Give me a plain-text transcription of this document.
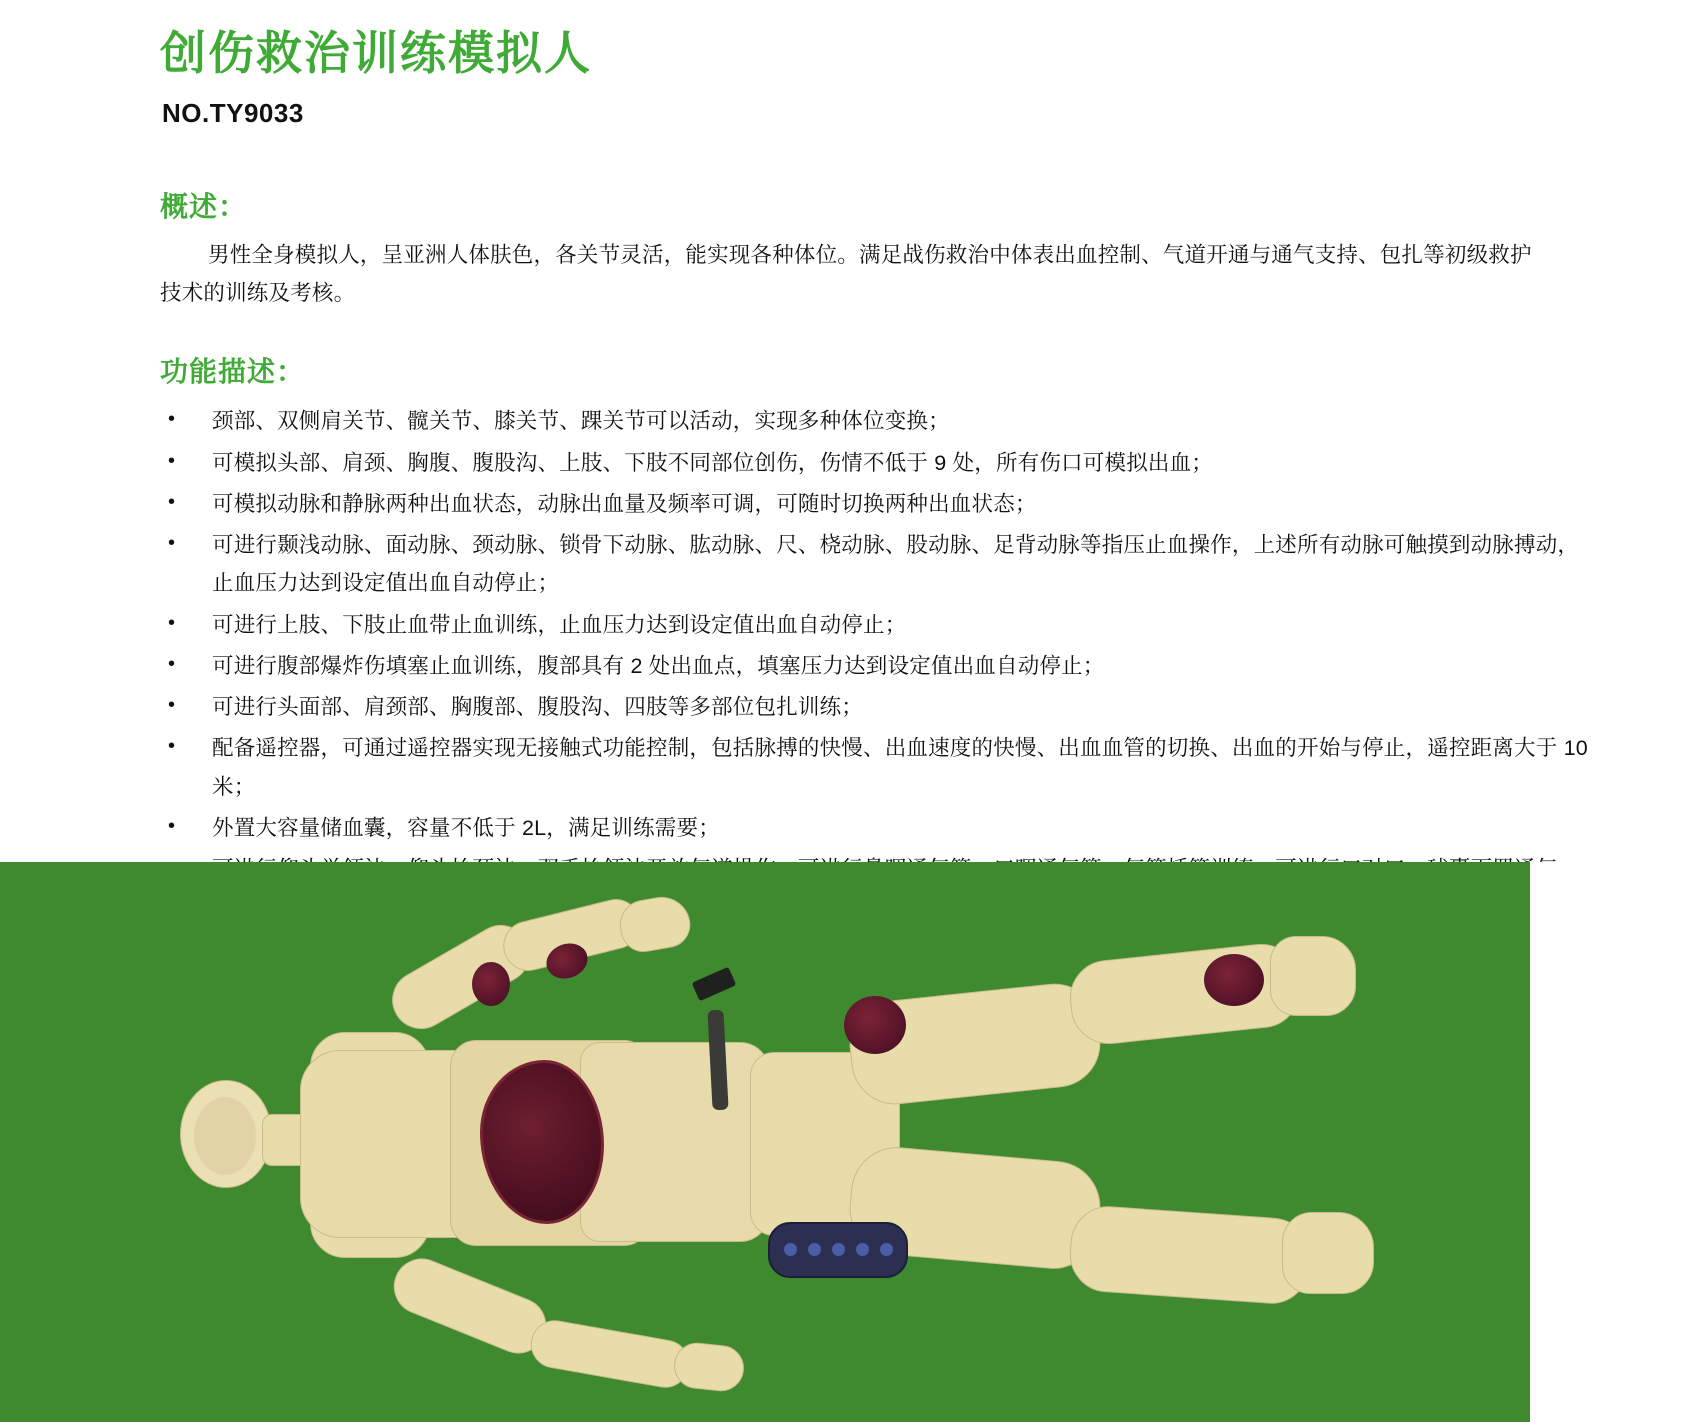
创伤救治训练模拟人
NO.TY9033
概述：

男性全身模拟人，呈亚洲人体肤色，各关节灵活，能实现各种体位。满足战伤救治中体表出血控制、气道开通与通气支持、包扎等初级救护技术的训练及考核。

功能描述：
• 颈部、双侧肩关节、髋关节、膝关节、踝关节可以活动，实现多种体位变换；
• 可模拟头部、肩颈、胸腹、腹股沟、上肢、下肢不同部位创伤，伤情不低于 9 处，所有伤口可模拟出血；
• 可模拟动脉和静脉两种出血状态，动脉出血量及频率可调，可随时切换两种出血状态；
• 可进行颞浅动脉、面动脉、颈动脉、锁骨下动脉、肱动脉、尺、桡动脉、股动脉、足背动脉等指压止血操作，上述所有动脉可触摸到动脉搏动，止血压力达到设定值出血自动停止；
• 可进行上肢、下肢止血带止血训练，止血压力达到设定值出血自动停止；
• 可进行腹部爆炸伤填塞止血训练，腹部具有 2 处出血点，填塞压力达到设定值出血自动停止；
• 可进行头面部、肩颈部、胸腹部、腹股沟、四肢等多部位包扎训练；
• 配备遥控器，可通过遥控器实现无接触式功能控制，包括脉搏的快慢、出血速度的快慢、出血血管的切换、出血的开始与停止，遥控距离大于 10 米；
• 外置大容量储血囊，容量不低于 2L，满足训练需要；
